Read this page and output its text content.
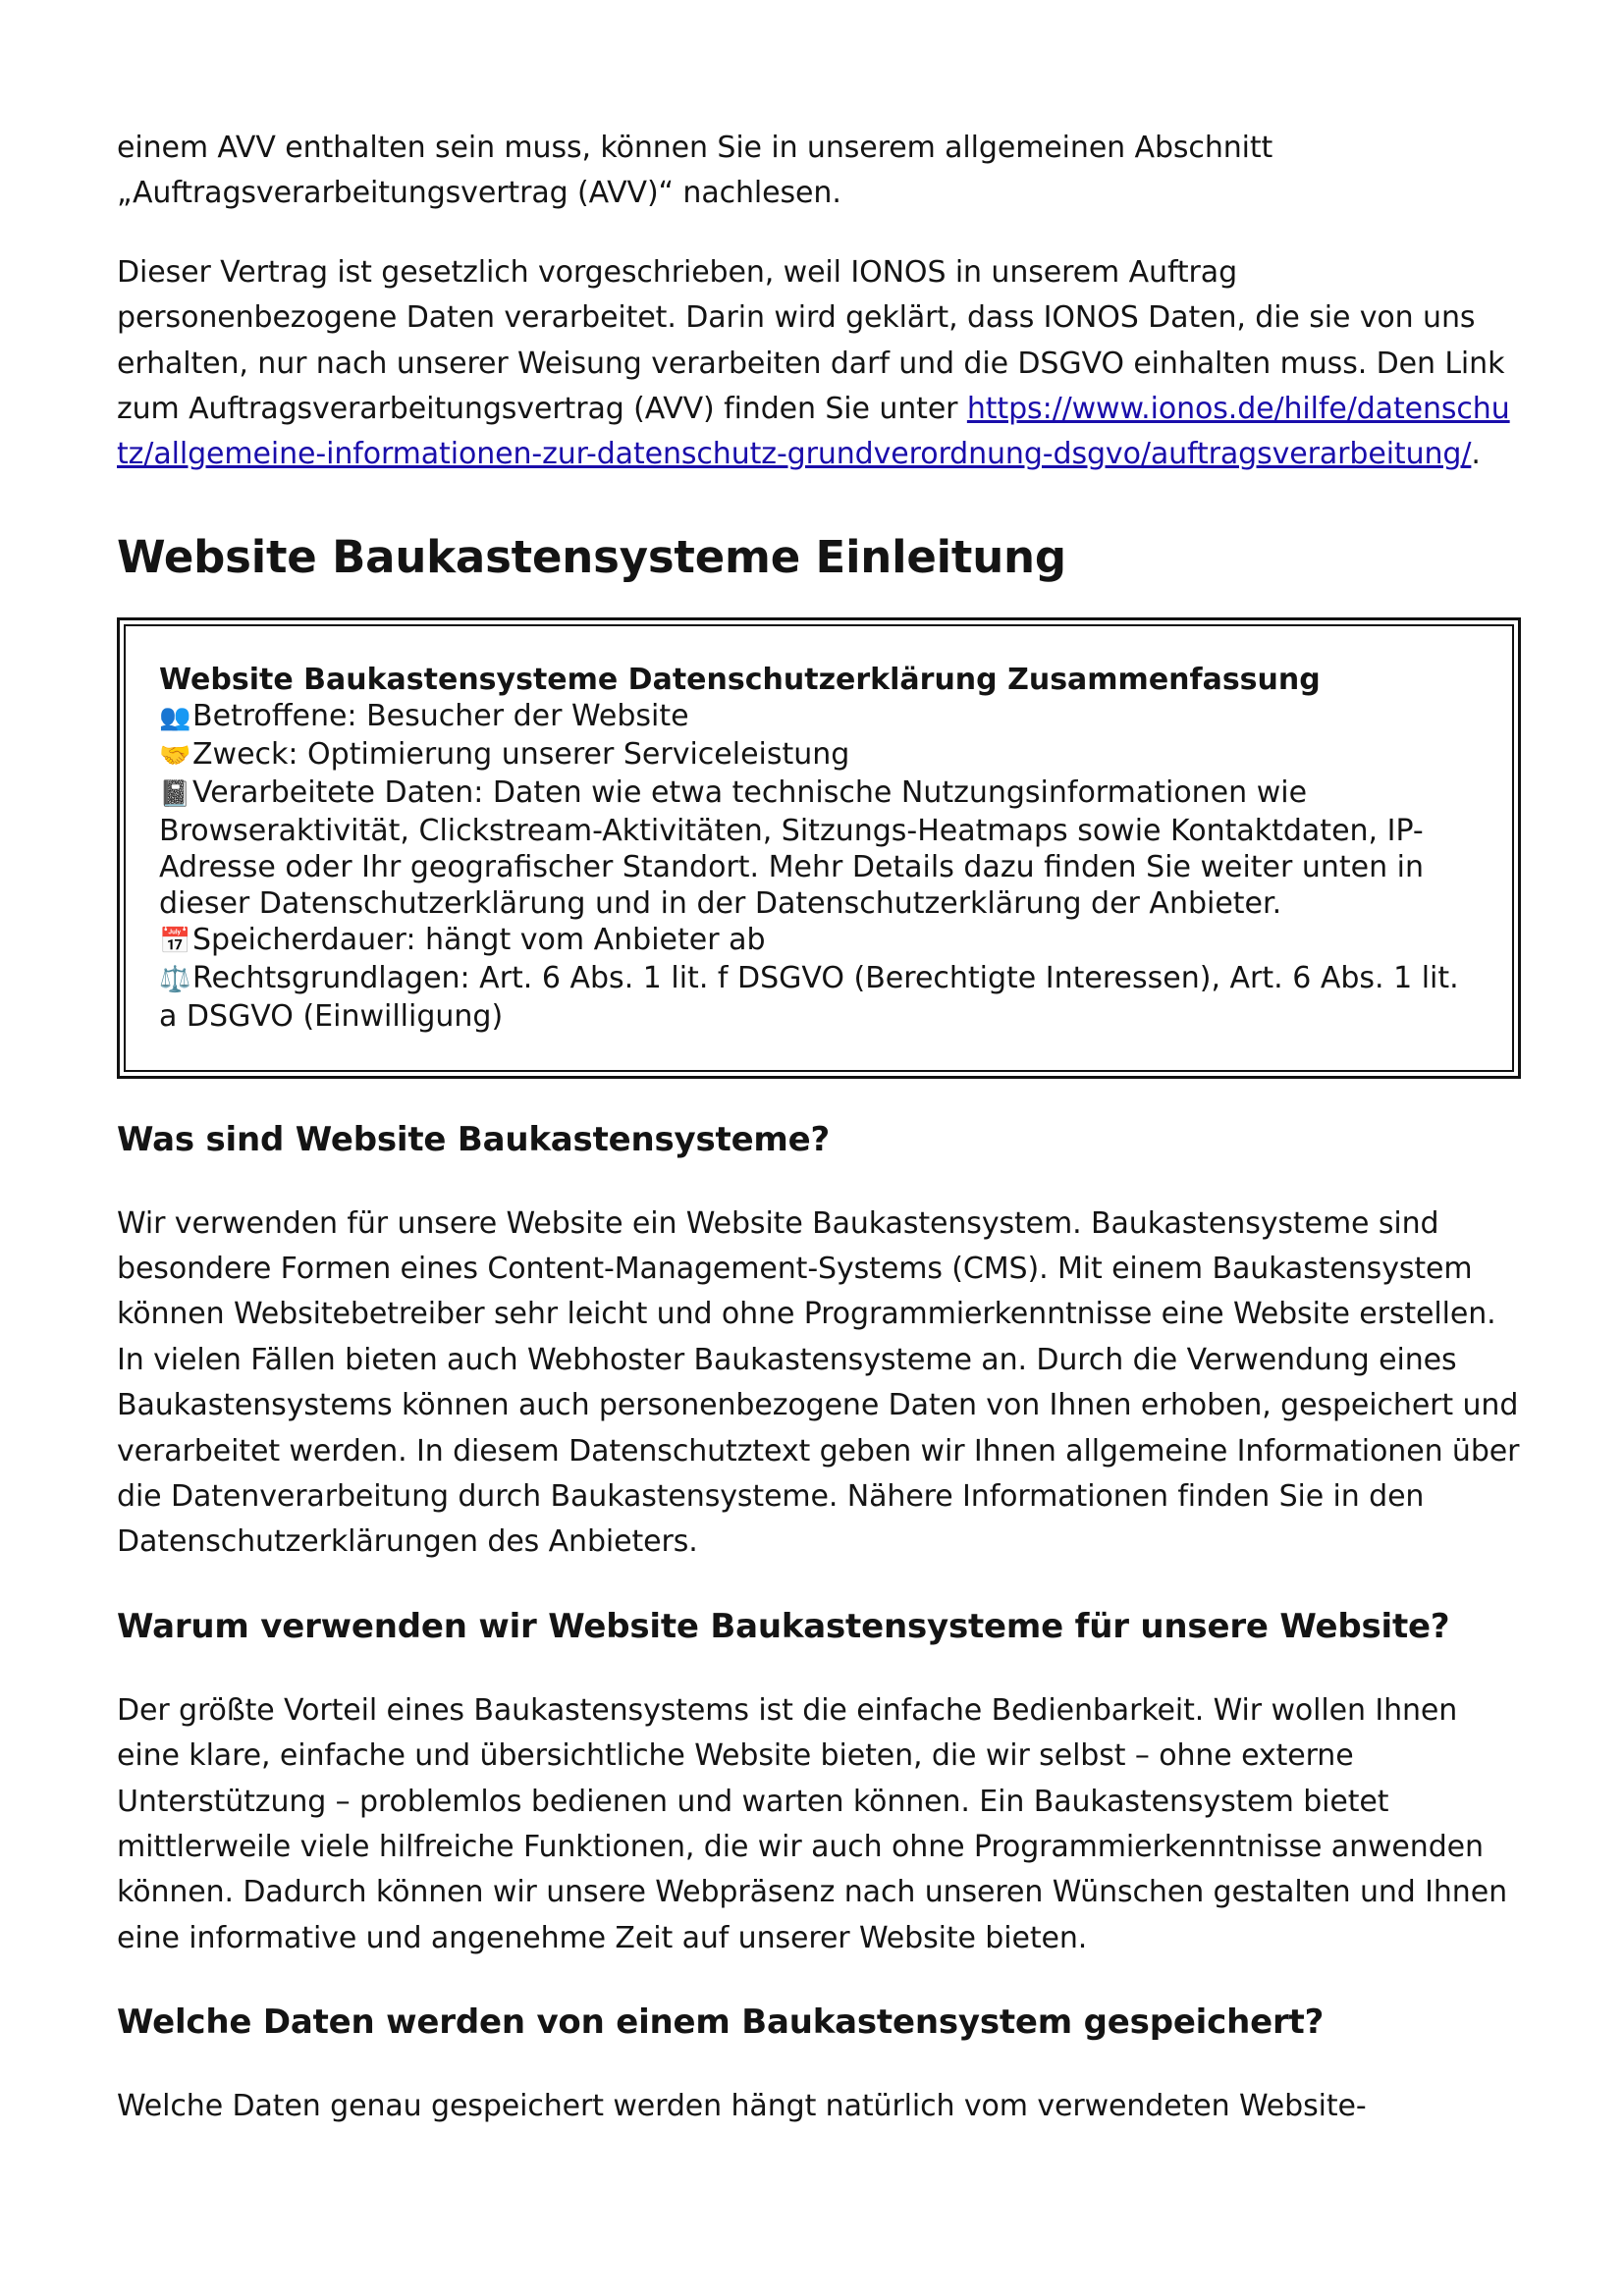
einem AVV enthalten sein muss, können Sie in unserem allgemeinen Abschnitt „Auftragsverarbeitungsvertrag (AVV)“ nachlesen.

Dieser Vertrag ist gesetzlich vorgeschrieben, weil IONOS in unserem Auftrag personenbezogene Daten verarbeitet. Darin wird geklärt, dass IONOS Daten, die sie von uns erhalten, nur nach unserer Weisung verarbeiten darf und die DSGVO einhalten muss. Den Link zum Auftragsverarbeitungsvertrag (AVV) finden Sie unter https://www.ionos.de/hilfe/datenschutz/allgemeine-informationen-zur-datenschutz-grundverordnung-dsgvo/auftragsverarbeitung/.

Website Baukastensysteme Einleitung
Website Baukastensysteme Datenschutzerklärung Zusammenfassung
👥Betroffene: Besucher der Website
🤝Zweck: Optimierung unserer Serviceleistung
📓Verarbeitete Daten: Daten wie etwa technische Nutzungsinformationen wie Browseraktivität, Clickstream-Aktivitäten, Sitzungs-Heatmaps sowie Kontaktdaten, IP-Adresse oder Ihr geografischer Standort. Mehr Details dazu finden Sie weiter unten in dieser Datenschutzerklärung und in der Datenschutzerklärung der Anbieter.
📅Speicherdauer: hängt vom Anbieter ab
⚖️Rechtsgrundlagen: Art. 6 Abs. 1 lit. f DSGVO (Berechtigte Interessen), Art. 6 Abs. 1 lit. a DSGVO (Einwilligung)
Was sind Website Baukastensysteme?

Wir verwenden für unsere Website ein Website Baukastensystem. Baukastensysteme sind besondere Formen eines Content-Management-Systems (CMS). Mit einem Baukastensystem können Websitebetreiber sehr leicht und ohne Programmierkenntnisse eine Website erstellen. In vielen Fällen bieten auch Webhoster Baukastensysteme an. Durch die Verwendung eines Baukastensystems können auch personenbezogene Daten von Ihnen erhoben, gespeichert und verarbeitet werden. In diesem Datenschutztext geben wir Ihnen allgemeine Informationen über die Datenverarbeitung durch Baukastensysteme. Nähere Informationen finden Sie in den Datenschutzerklärungen des Anbieters.

Warum verwenden wir Website Baukastensysteme für unsere Website?

Der größte Vorteil eines Baukastensystems ist die einfache Bedienbarkeit. Wir wollen Ihnen eine klare, einfache und übersichtliche Website bieten, die wir selbst – ohne externe Unterstützung – problemlos bedienen und warten können. Ein Baukastensystem bietet mittlerweile viele hilfreiche Funktionen, die wir auch ohne Programmierkenntnisse anwenden können. Dadurch können wir unsere Webpräsenz nach unseren Wünschen gestalten und Ihnen eine informative und angenehme Zeit auf unserer Website bieten.

Welche Daten werden von einem Baukastensystem gespeichert?

Welche Daten genau gespeichert werden hängt natürlich vom verwendeten Website-
